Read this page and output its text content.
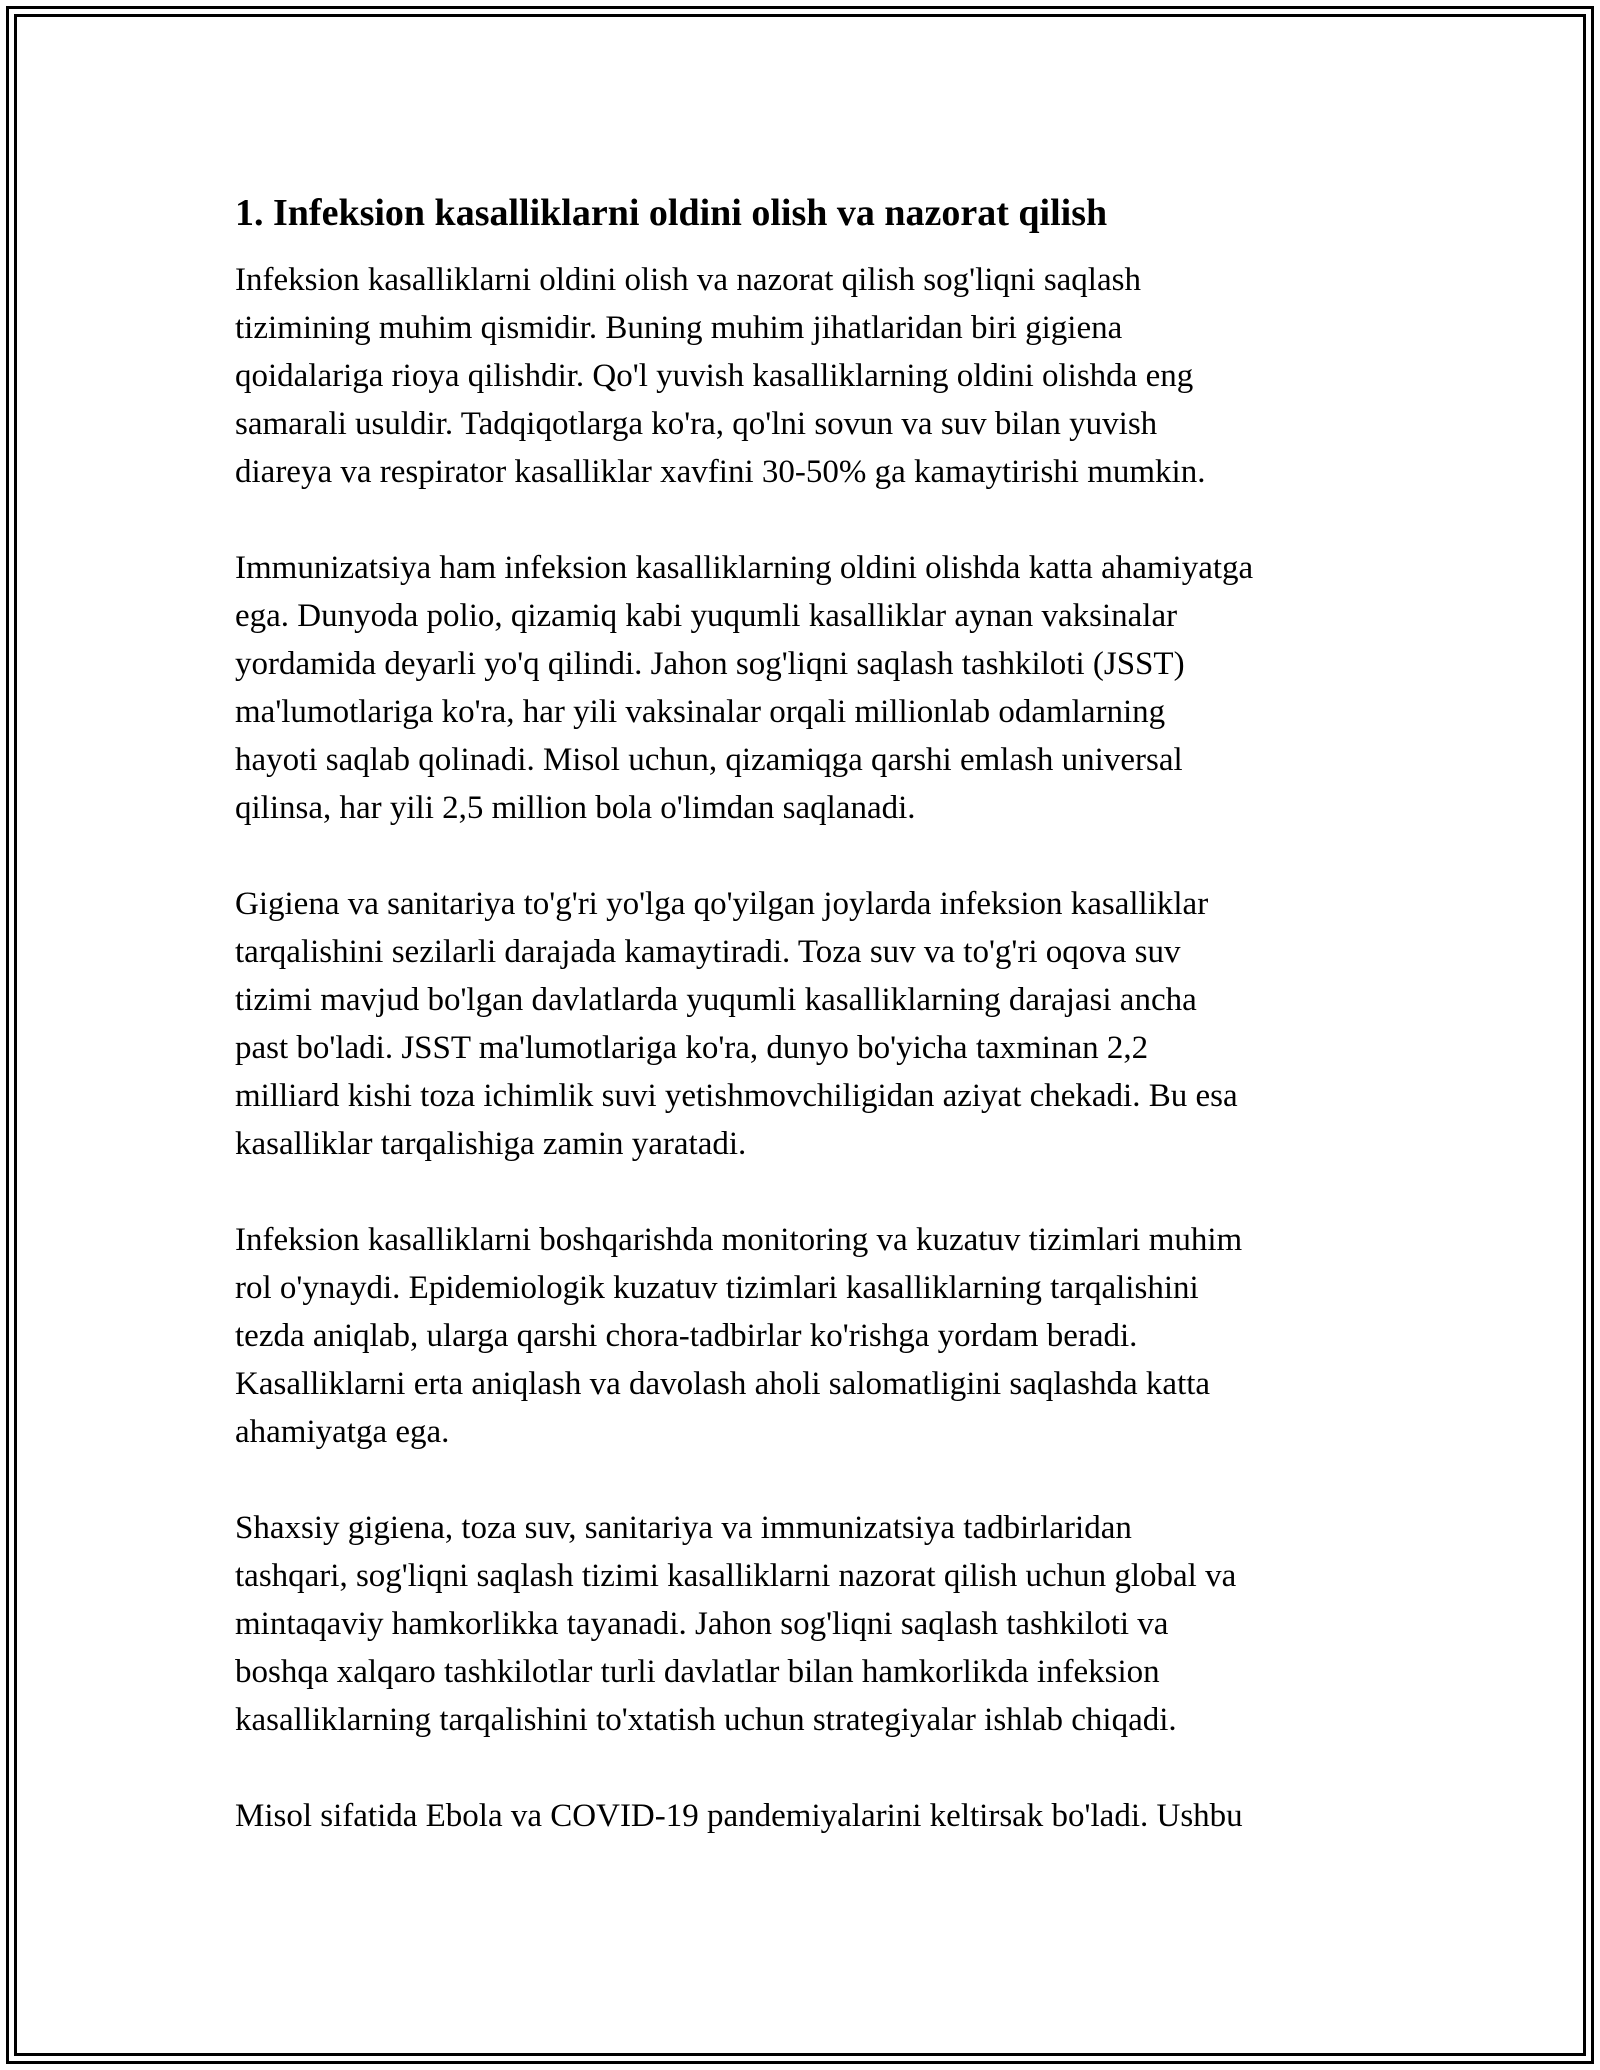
1. Infeksion kasalliklarni oldini olish va nazorat qilish

Infeksion kasalliklarni oldini olish va nazorat qilish sog'liqni saqlash
tizimining muhim qismidir. Buning muhim jihatlaridan biri gigiena
qoidalariga rioya qilishdir. Qo'l yuvish kasalliklarning oldini olishda eng
samarali usuldir. Tadqiqotlarga ko'ra, qo'lni sovun va suv bilan yuvish
diareya va respirator kasalliklar xavfini 30-50% ga kamaytirishi mumkin.

Immunizatsiya ham infeksion kasalliklarning oldini olishda katta ahamiyatga
ega. Dunyoda polio, qizamiq kabi yuqumli kasalliklar aynan vaksinalar
yordamida deyarli yo'q qilindi. Jahon sog'liqni saqlash tashkiloti (JSST)
ma'lumotlariga ko'ra, har yili vaksinalar orqali millionlab odamlarning
hayoti saqlab qolinadi. Misol uchun, qizamiqga qarshi emlash universal
qilinsa, har yili 2,5 million bola o'limdan saqlanadi.

Gigiena va sanitariya to'g'ri yo'lga qo'yilgan joylarda infeksion kasalliklar
tarqalishini sezilarli darajada kamaytiradi. Toza suv va to'g'ri oqova suv
tizimi mavjud bo'lgan davlatlarda yuqumli kasalliklarning darajasi ancha
past bo'ladi. JSST ma'lumotlariga ko'ra, dunyo bo'yicha taxminan 2,2
milliard kishi toza ichimlik suvi yetishmovchiligidan aziyat chekadi. Bu esa
kasalliklar tarqalishiga zamin yaratadi.

Infeksion kasalliklarni boshqarishda monitoring va kuzatuv tizimlari muhim
rol o'ynaydi. Epidemiologik kuzatuv tizimlari kasalliklarning tarqalishini
tezda aniqlab, ularga qarshi chora-tadbirlar ko'rishga yordam beradi.
Kasalliklarni erta aniqlash va davolash aholi salomatligini saqlashda katta
ahamiyatga ega.

Shaxsiy gigiena, toza suv, sanitariya va immunizatsiya tadbirlaridan
tashqari, sog'liqni saqlash tizimi kasalliklarni nazorat qilish uchun global va
mintaqaviy hamkorlikka tayanadi. Jahon sog'liqni saqlash tashkiloti va
boshqa xalqaro tashkilotlar turli davlatlar bilan hamkorlikda infeksion
kasalliklarning tarqalishini to'xtatish uchun strategiyalar ishlab chiqadi.

Misol sifatida Ebola va COVID-19 pandemiyalarini keltirsak bo'ladi. Ushbu
